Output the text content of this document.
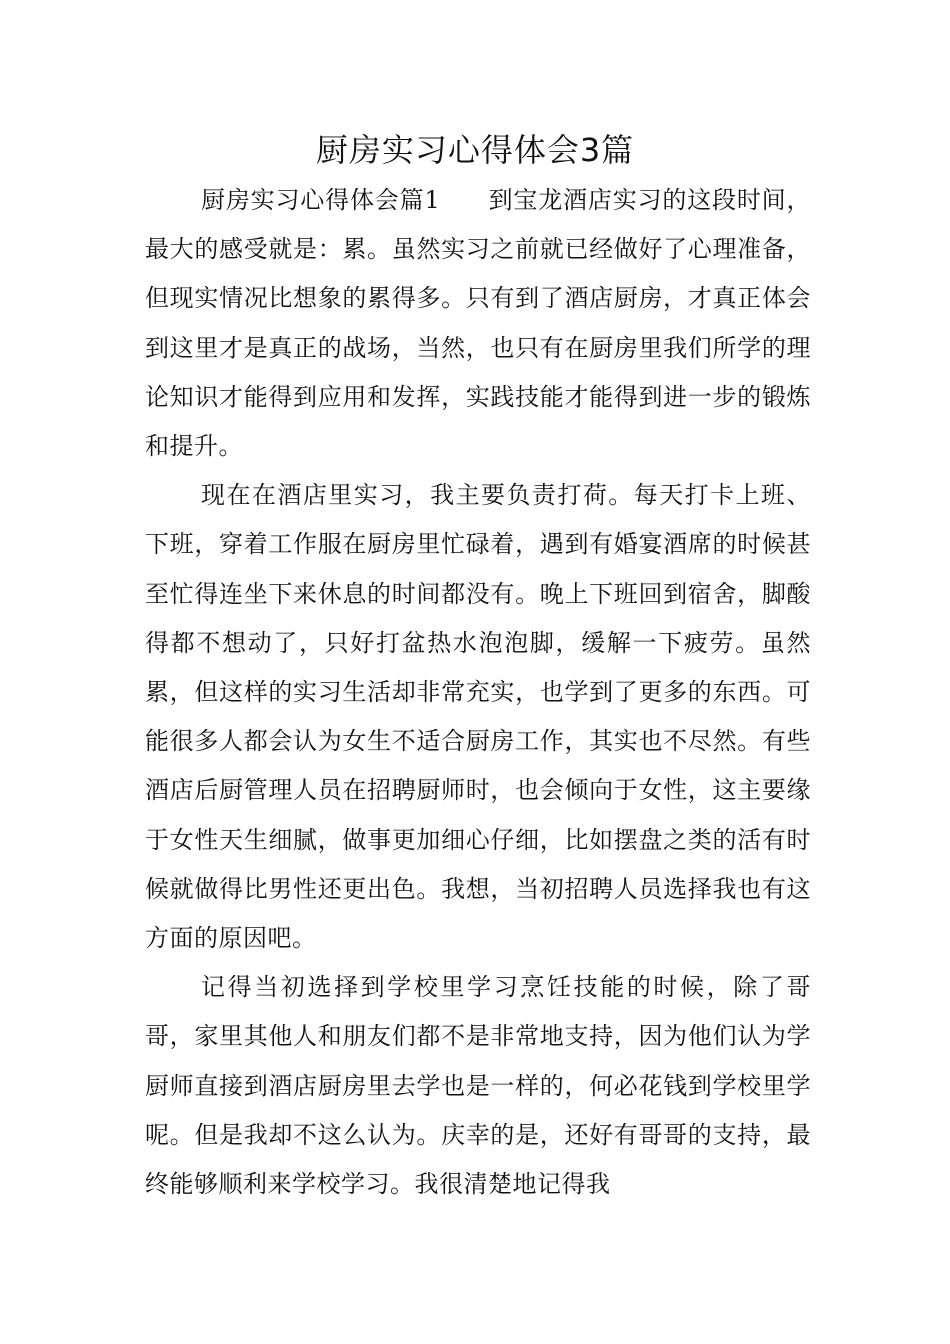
厨房实习心得体会3篇

厨房实习心得体会篇1 到宝龙酒店实习的这段时间，最大的感受就是：累。虽然实习之前就已经做好了心理准备，但现实情况比想象的累得多。只有到了酒店厨房，才真正体会到这里才是真正的战场，当然，也只有在厨房里我们所学的理论知识才能得到应用和发挥，实践技能才能得到进一步的锻炼和提升。

现在在酒店里实习，我主要负责打荷。每天打卡上班、下班，穿着工作服在厨房里忙碌着，遇到有婚宴酒席的时候甚至忙得连坐下来休息的时间都没有。晚上下班回到宿舍，脚酸得都不想动了，只好打盆热水泡泡脚，缓解一下疲劳。虽然累，但这样的实习生活却非常充实，也学到了更多的东西。可能很多人都会认为女生不适合厨房工作，其实也不尽然。有些酒店后厨管理人员在招聘厨师时，也会倾向于女性，这主要缘于女性天生细腻，做事更加细心仔细，比如摆盘之类的活有时候就做得比男性还更出色。我想，当初招聘人员选择我也有这方面的原因吧。

记得当初选择到学校里学习烹饪技能的时候，除了哥哥，家里其他人和朋友们都不是非常地支持，因为他们认为学厨师直接到酒店厨房里去学也是一样的，何必花钱到学校里学呢。但是我却不这么认为。庆幸的是，还好有哥哥的支持，最终能够顺利来学校学习。我很清楚地记得我
